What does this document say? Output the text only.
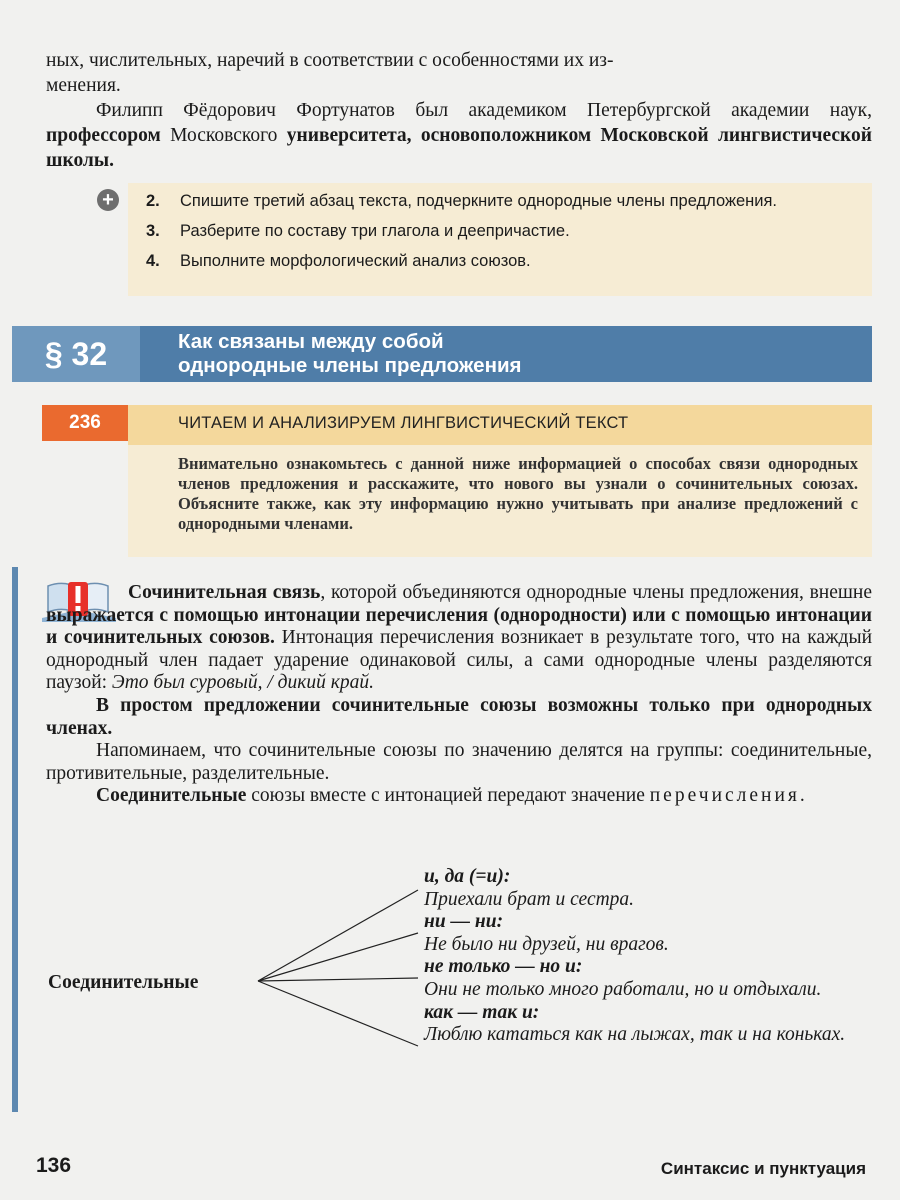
ных, числительных, наречий в соответствии с особенностями их из-
менения.

Филипп Фёдорович Фортунатов был академиком Петербургской академии наук, профессором Московского университета, основоположником Московской лингвистической школы.

+	2.	Спишите третий абзац текста, подчеркните однородные члены предложения.
3.	Разберите по составу три глагола и деепричастие.
4.	Выполните морфологический анализ союзов.
§ 32	Как связаны между собой
однородные члены предложения
236	ЧИТАЕМ И АНАЛИЗИРУЕМ ЛИНГВИСТИЧЕСКИЙ ТЕКСТ
Внимательно ознакомьтесь с данной ниже информацией о способах связи однородных членов предложения и расскажите, что нового вы узнали о сочинительных союзах. Объясните также, как эту информацию нужно учитывать при анализе предложений с однородными членами.

Сочинительная связь, которой объединяются однородные члены предложения, внешне выражается с помощью интонации перечисления (однородности) или с помощью интонации и сочинительных союзов. Интонация перечисления возникает в результате того, что на каждый однородный член падает ударение одинаковой силы, а сами однородные члены разделяются паузой: Это был суровый, / дикий край.

В простом предложении сочинительные союзы возможны только при однородных членах.

Напоминаем, что сочинительные союзы по значению делятся на группы: соединительные, противительные, разделительные.

Соединительные союзы вместе с интонацией передают значение перечисления.

Соединительные
и, да (=и):
Приехали брат и сестра.
ни — ни:
Не было ни друзей, ни врагов.
не только — но и:
Они не только много работали, но и отдыхали.
как — так и:
Люблю кататься как на лыжах, так и на коньках.
136	Синтаксис и пунктуация
